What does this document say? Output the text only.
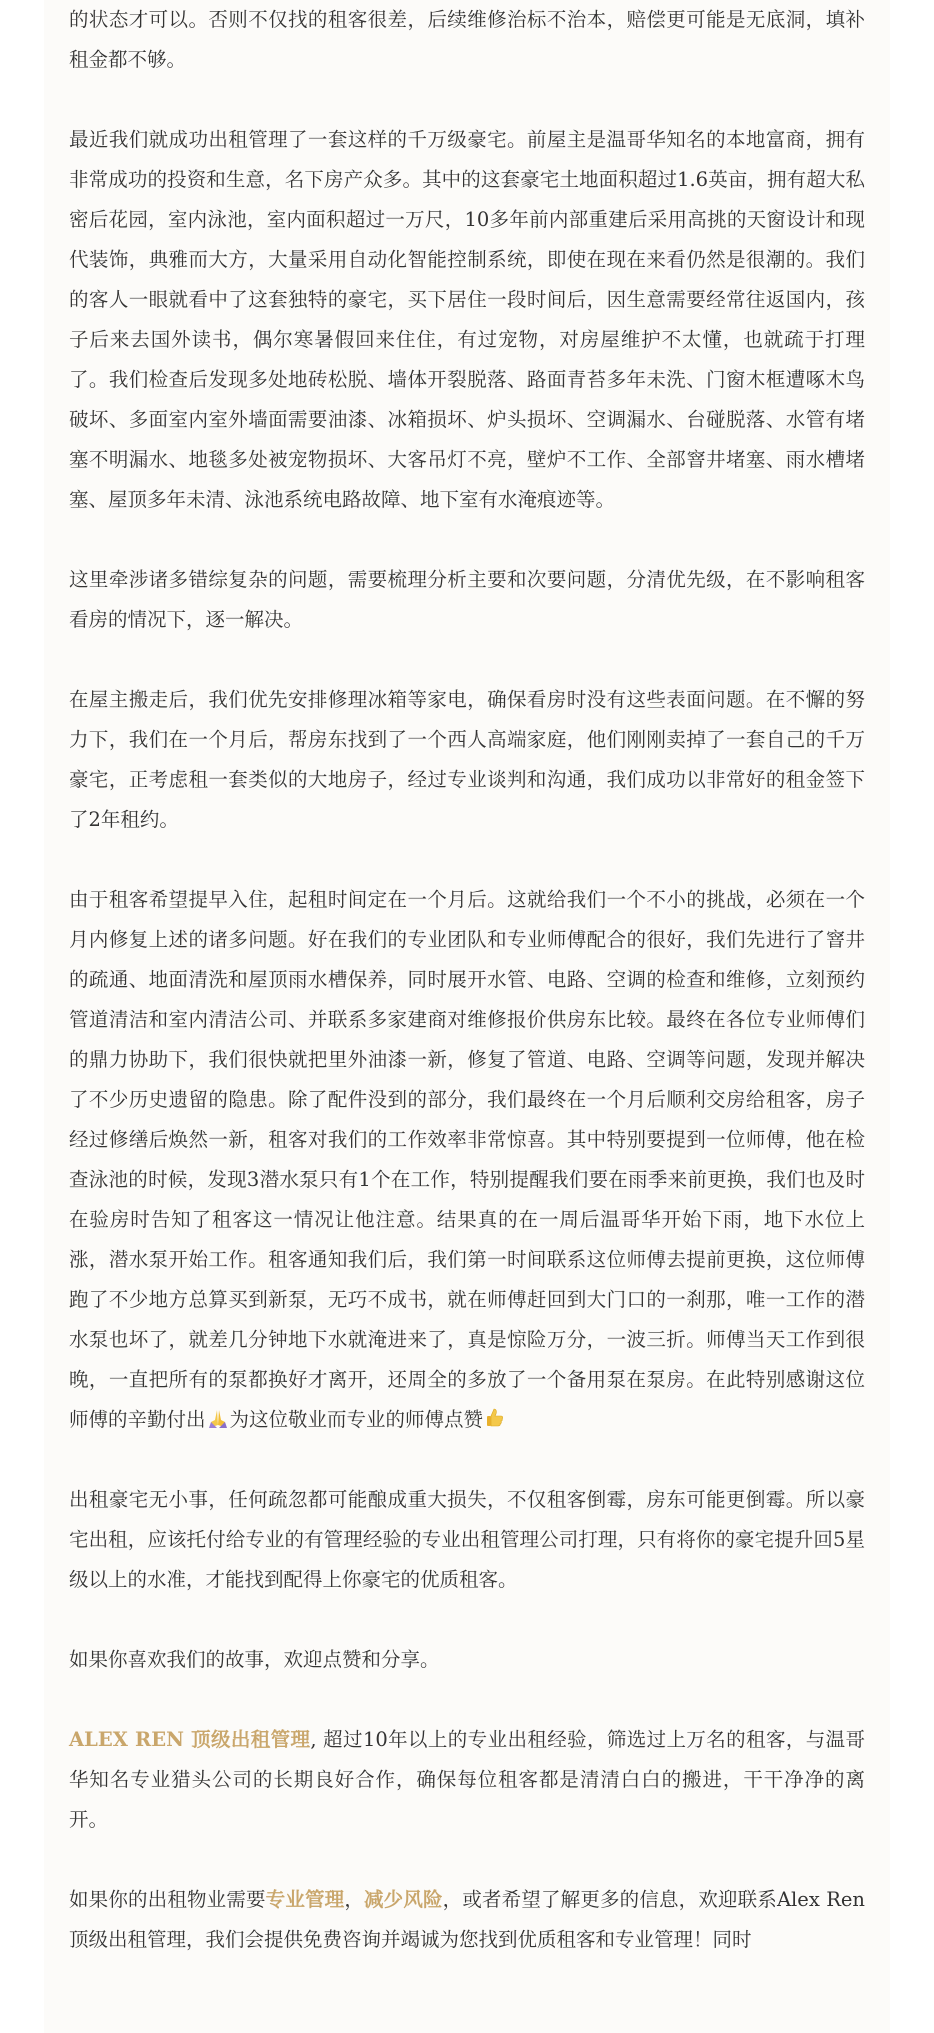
的状态才可以。否则不仅找的租客很差，后续维修治标不治本，赔偿更可能是无底洞，填补租金都不够。

最近我们就成功出租管理了一套这样的千万级豪宅。前屋主是温哥华知名的本地富商，拥有非常成功的投资和生意，名下房产众多。其中的这套豪宅土地面积超过1.6英亩，拥有超大私密后花园，室内泳池，室内面积超过一万尺，10多年前内部重建后采用高挑的天窗设计和现代装饰，典雅而大方，大量采用自动化智能控制系统，即使在现在来看仍然是很潮的。我们的客人一眼就看中了这套独特的豪宅，买下居住一段时间后，因生意需要经常往返国内，孩子后来去国外读书，偶尔寒暑假回来住住，有过宠物，对房屋维护不太懂，也就疏于打理了。我们检查后发现多处地砖松脱、墙体开裂脱落、路面青苔多年未洗、门窗木框遭啄木鸟破坏、多面室内室外墙面需要油漆、冰箱损坏、炉头损坏、空调漏水、台碰脱落、水管有堵塞不明漏水、地毯多处被宠物损坏、大客吊灯不亮，壁炉不工作、全部窨井堵塞、雨水槽堵塞、屋顶多年未清、泳池系统电路故障、地下室有水淹痕迹等。

这里牵涉诸多错综复杂的问题，需要梳理分析主要和次要问题，分清优先级，在不影响租客看房的情况下，逐一解决。

在屋主搬走后，我们优先安排修理冰箱等家电，确保看房时没有这些表面问题。在不懈的努力下，我们在一个月后，帮房东找到了一个西人高端家庭，他们刚刚卖掉了一套自己的千万豪宅，正考虑租一套类似的大地房子，经过专业谈判和沟通，我们成功以非常好的租金签下了2年租约。

由于租客希望提早入住，起租时间定在一个月后。这就给我们一个不小的挑战，必须在一个月内修复上述的诸多问题。好在我们的专业团队和专业师傅配合的很好，我们先进行了窨井的疏通、地面清洗和屋顶雨水槽保养，同时展开水管、电路、空调的检查和维修，立刻预约管道清洁和室内清洁公司、并联系多家建商对维修报价供房东比较。最终在各位专业师傅们的鼎力协助下，我们很快就把里外油漆一新，修复了管道、电路、空调等问题，发现并解决了不少历史遗留的隐患。除了配件没到的部分，我们最终在一个月后顺利交房给租客，房子经过修缮后焕然一新，租客对我们的工作效率非常惊喜。其中特别要提到一位师傅，他在检查泳池的时候，发现3潜水泵只有1个在工作，特别提醒我们要在雨季来前更换，我们也及时在验房时告知了租客这一情况让他注意。结果真的在一周后温哥华开始下雨，地下水位上涨，潜水泵开始工作。租客通知我们后，我们第一时间联系这位师傅去提前更换，这位师傅跑了不少地方总算买到新泵，无巧不成书，就在师傅赶回到大门口的一刹那，唯一工作的潜水泵也坏了，就差几分钟地下水就淹进来了，真是惊险万分，一波三折。师傅当天工作到很晚，一直把所有的泵都换好才离开，还周全的多放了一个备用泵在泵房。在此特别感谢这位师傅的辛勤付出 为这位敬业而专业的师傅点赞

出租豪宅无小事，任何疏忽都可能酿成重大损失，不仅租客倒霉，房东可能更倒霉。所以豪宅出租，应该托付给专业的有管理经验的专业出租管理公司打理，只有将你的豪宅提升回5星级以上的水准，才能找到配得上你豪宅的优质租客。

如果你喜欢我们的故事，欢迎点赞和分享。

ALEX REN 顶级出租管理, 超过10年以上的专业出租经验，筛选过上万名的租客，与温哥华知名专业猎头公司的长期良好合作，确保每位租客都是清清白白的搬进，干干净净的离开。

如果你的出租物业需要专业管理，减少风险，或者希望了解更多的信息，欢迎联系Alex Ren顶级出租管理，我们会提供免费咨询并竭诚为您找到优质租客和专业管理！同时
